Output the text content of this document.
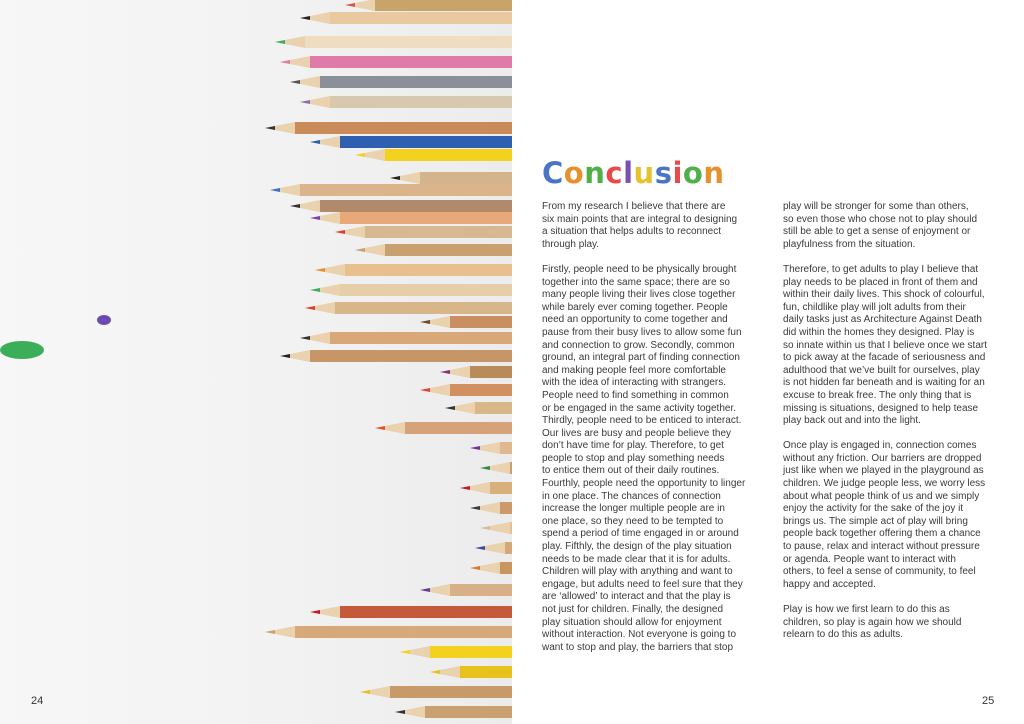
24
Conclusion

From my research I believe that there are
six main points that are integral to designing
a situation that helps adults to reconnect
through play.

Firstly, people need to be physically brought
together into the same space; there are so
many people living their lives close together
while barely ever coming together. People
need an opportunity to come together and
pause from their busy lives to allow some fun
and connection to grow. Secondly, common
ground, an integral part of finding connection
and making people feel more comfortable
with the idea of interacting with strangers.
People need to find something in common
or be engaged in the same activity together.
Thirdly, people need to be enticed to interact.
Our lives are busy and people believe they
don’t have time for play. Therefore, to get
people to stop and play something needs
to entice them out of their daily routines.
Fourthly, people need the opportunity to linger
in one place. The chances of connection
increase the longer multiple people are in
one place, so they need to be tempted to
spend a period of time engaged in or around
play. Fifthly, the design of the play situation
needs to be made clear that it is for adults.
Children will play with anything and want to
engage, but adults need to feel sure that they
are ‘allowed’ to interact and that the play is
not just for children. Finally, the designed
play situation should allow for enjoyment
without interaction. Not everyone is going to
want to stop and play, the barriers that stop

play will be stronger for some than others,
so even those who chose not to play should
still be able to get a sense of enjoyment or
playfulness from the situation.

Therefore, to get adults to play I believe that
play needs to be placed in front of them and
within their daily lives. This shock of colourful,
fun, childlike play will jolt adults from their
daily tasks just as Architecture Against Death
did within the homes they designed. Play is
so innate within us that I believe once we start
to pick away at the facade of seriousness and
adulthood that we’ve built for ourselves, play
is not hidden far beneath and is waiting for an
excuse to break free. The only thing that is
missing is situations, designed to help tease
play back out and into the light.

Once play is engaged in, connection comes
without any friction. Our barriers are dropped
just like when we played in the playground as
children. We judge people less, we worry less
about what people think of us and we simply
enjoy the activity for the sake of the joy it
brings us. The simple act of play will bring
people back together offering them a chance
to pause, relax and interact without pressure
or agenda. People want to interact with
others, to feel a sense of community, to feel
happy and accepted.

Play is how we first learn to do this as
children, so play is again how we should
relearn to do this as adults.

25
